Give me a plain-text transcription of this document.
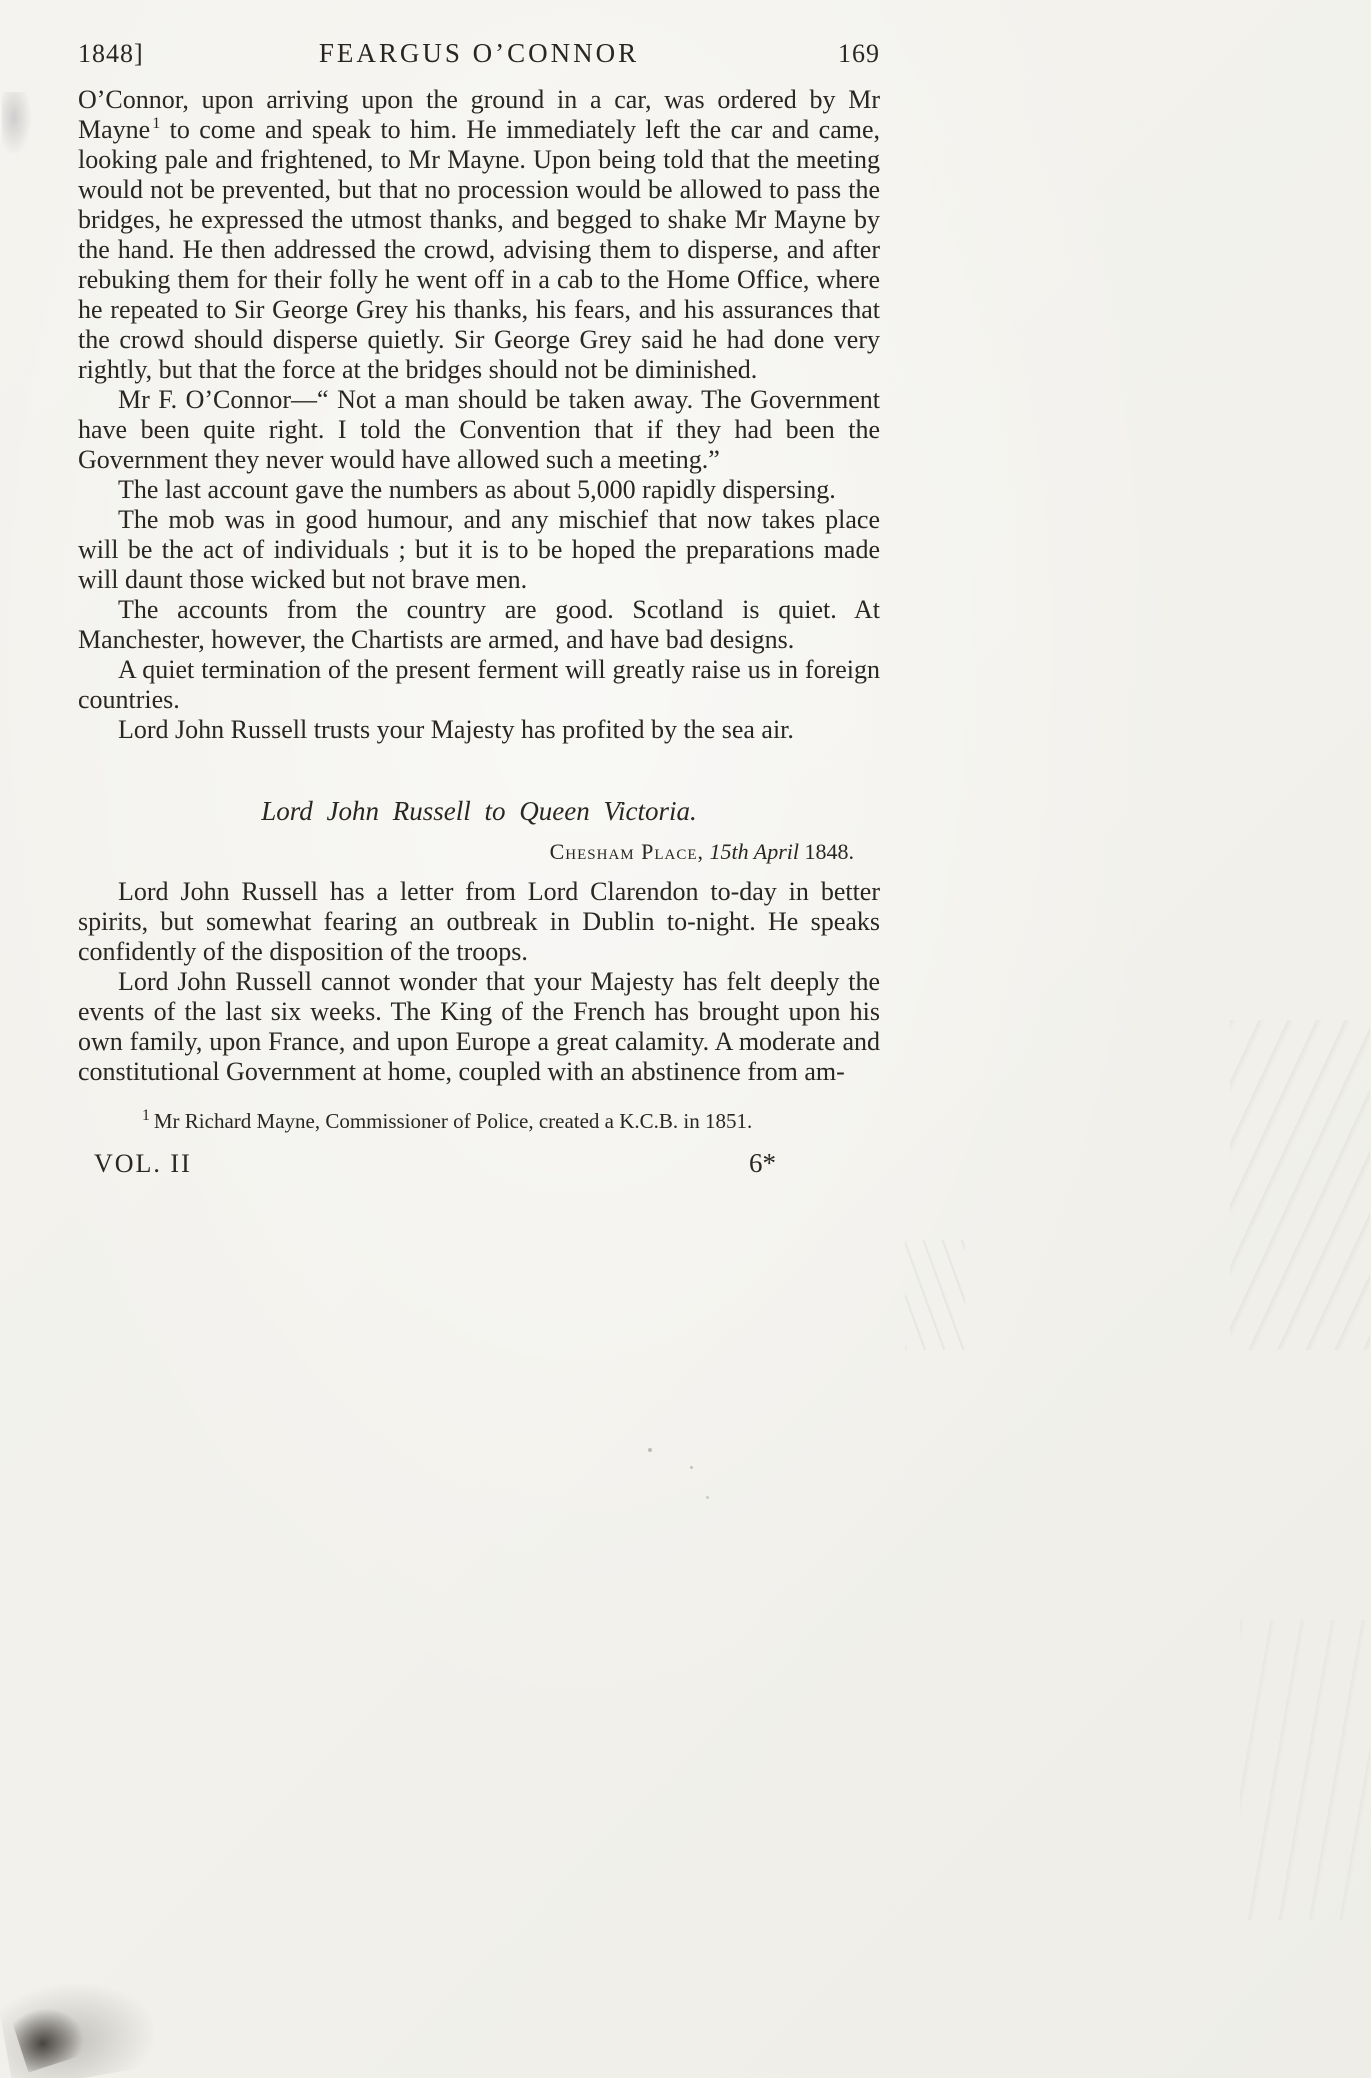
1848]	FEARGUS O’CONNOR	169

O’Connor, upon arriving upon the ground in a car, was ordered by Mr Mayne $^1$ to come and speak to him. He immediately left the car and came, looking pale and frightened, to Mr Mayne. Upon being told that the meeting would not be prevented, but that no procession would be allowed to pass the bridges, he expressed the utmost thanks, and begged to shake Mr Mayne by the hand. He then addressed the crowd, advising them to disperse, and after rebuking them for their folly he went off in a cab to the Home Office, where he repeated to Sir George Grey his thanks, his fears, and his assurances that the crowd should disperse quietly. Sir George Grey said he had done very rightly, but that the force at the bridges should not be diminished.

Mr F. O’Connor—“ Not a man should be taken away. The Government have been quite right. I told the Convention that if they had been the Government they never would have allowed such a meeting.”

The last account gave the numbers as about 5,000 rapidly dispersing.

The mob was in good humour, and any mischief that now takes place will be the act of individuals ; but it is to be hoped the preparations made will daunt those wicked but not brave men.

The accounts from the country are good. Scotland is quiet. At Manchester, however, the Chartists are armed, and have bad designs.

A quiet termination of the present ferment will greatly raise us in foreign countries.

Lord John Russell trusts your Majesty has profited by the sea air.

Lord John Russell to Queen Victoria.
Chesham Place, 15th April 1848.

Lord John Russell has a letter from Lord Clarendon to-day in better spirits, but somewhat fearing an outbreak in Dublin to-night. He speaks confidently of the disposition of the troops.

Lord John Russell cannot wonder that your Majesty has felt deeply the events of the last six weeks. The King of the French has brought upon his own family, upon France, and upon Europe a great calamity. A moderate and constitutional Government at home, coupled with an abstinence from am-

$^1$ Mr Richard Mayne, Commissioner of Police, created a K.C.B. in 1851.
VOL. II	6*
